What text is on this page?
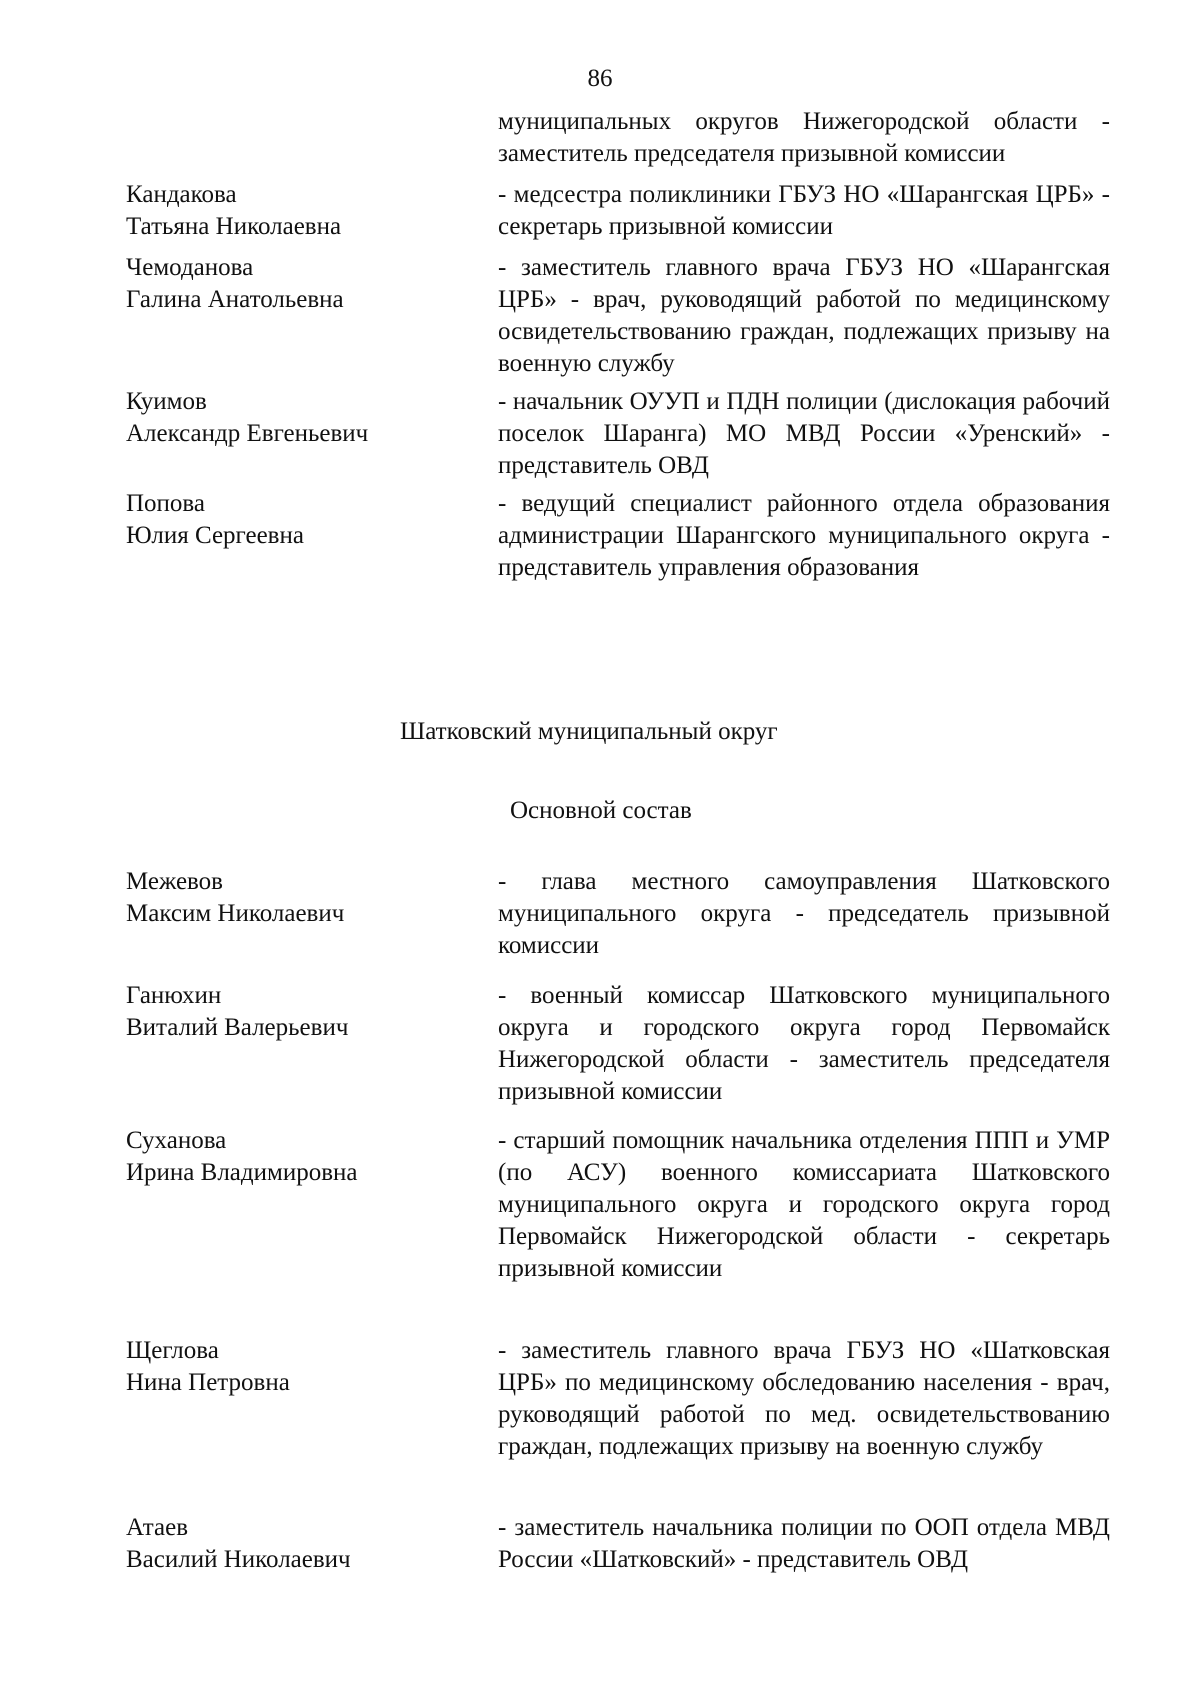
86
муниципальных округов Нижегородской области - заместитель председателя призывной комиссии
Кандакова
Татьяна Николаевна
- медсестра поликлиники ГБУЗ НО «Шарангская ЦРБ» - секретарь призывной комиссии
Чемоданова
Галина Анатольевна
- заместитель главного врача ГБУЗ НО «Шарангская ЦРБ» - врач, руководящий работой по медицинскому освидетельствованию граждан, подлежащих призыву на военную службу
Куимов
Александр Евгеньевич
- начальник ОУУП и ПДН полиции (дислокация рабочий поселок Шаранга) МО МВД России «Уренский» - представитель ОВД
Попова
Юлия Сергеевна
- ведущий специалист районного отдела образования администрации Шарангского муниципального округа - представитель управления образования
Шатковский муниципальный округ
Основной состав
Межевов
Максим Николаевич
- глава местного самоуправления Шатковского муниципального округа - председатель призывной комиссии
Ганюхин
Виталий Валерьевич
- военный комиссар Шатковского муниципального округа и городского округа город Первомайск Нижегородской области - заместитель председателя призывной комиссии
Суханова
Ирина Владимировна
- старший помощник начальника отделения ППП и УМР (по АСУ) военного комиссариата Шатковского муниципального округа и городского округа город Первомайск Нижегородской области - секретарь призывной комиссии
Щеглова
Нина Петровна
- заместитель главного врача ГБУЗ НО «Шатковская ЦРБ» по медицинскому обследованию населения - врач, руководящий работой по мед. освидетельствованию граждан, подлежащих призыву на военную службу
Атаев
Василий Николаевич
- заместитель начальника полиции по ООП отдела МВД России «Шатковский» - представитель ОВД
